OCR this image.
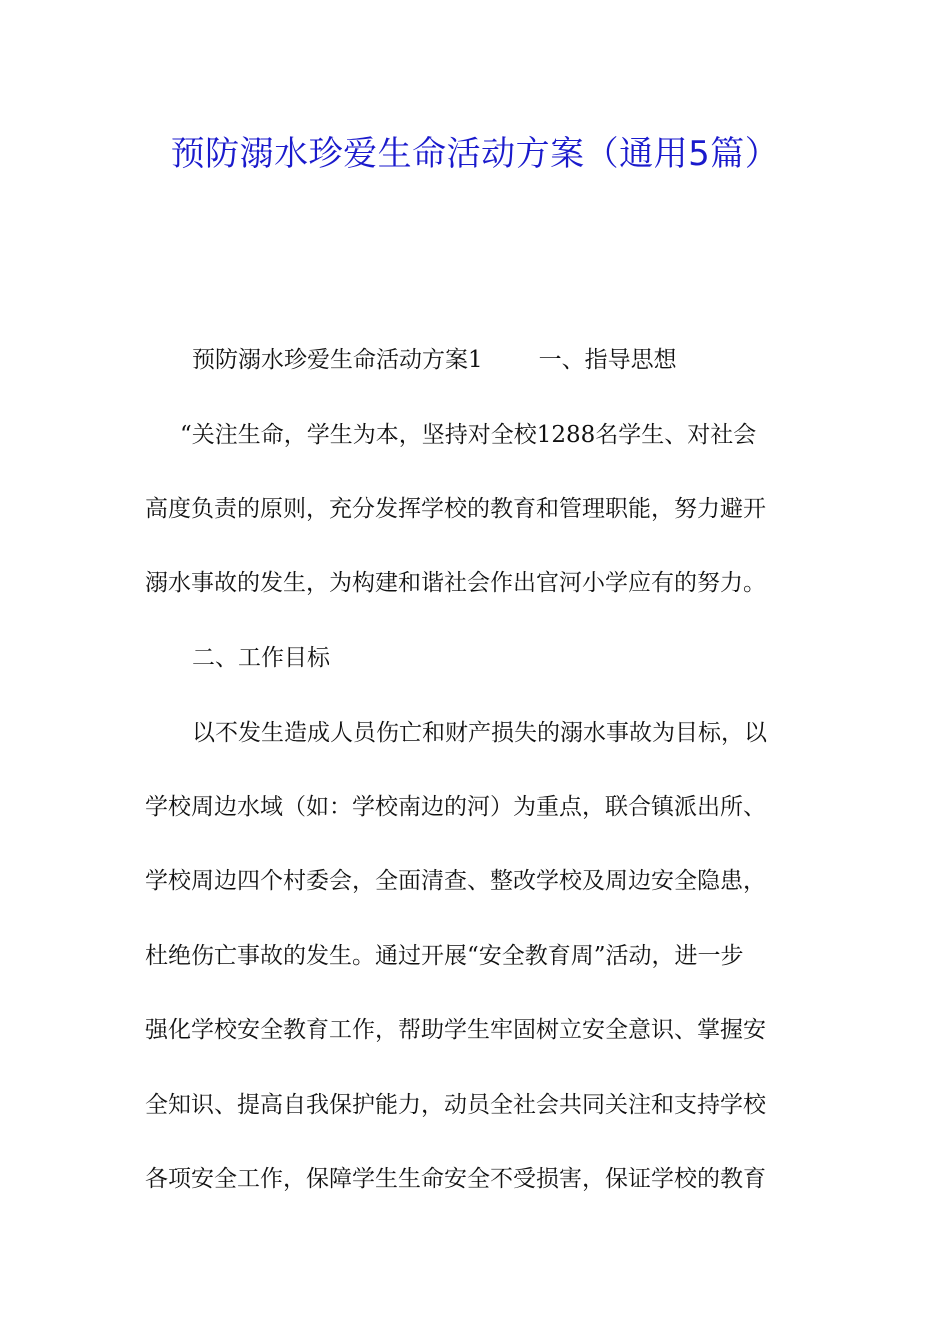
预防溺水珍爱生命活动方案（通用5篇）

预防溺水珍爱生命活动方案1 一、指导思想

“关注生命，学生为本，坚持对全校1288名学生、对社会

高度负责的原则，充分发挥学校的教育和管理职能，努力避开

溺水事故的发生，为构建和谐社会作出官河小学应有的努力。

二、工作目标

以不发生造成人员伤亡和财产损失的溺水事故为目标，以

学校周边水域（如：学校南边的河）为重点，联合镇派出所、

学校周边四个村委会，全面清查、整改学校及周边安全隐患，

杜绝伤亡事故的发生。通过开展“安全教育周”活动，进一步

强化学校安全教育工作，帮助学生牢固树立安全意识、掌握安

全知识、提高自我保护能力，动员全社会共同关注和支持学校

各项安全工作，保障学生生命安全不受损害，保证学校的教育
